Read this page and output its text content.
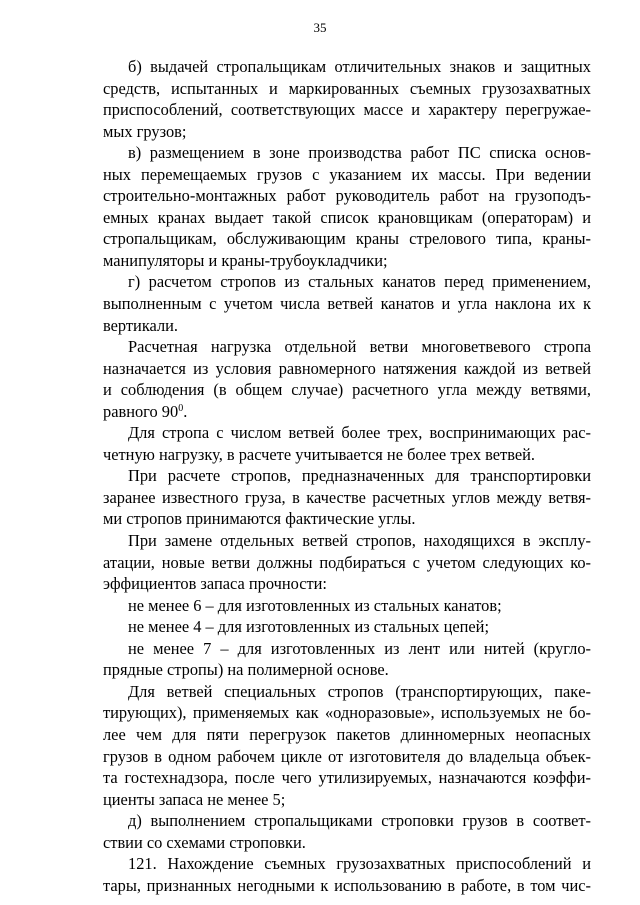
35
б) выдачей стропальщикам отличительных знаков и защитных
средств, испытанных и маркированных съемных грузозахватных
приспособлений, соответствующих массе и характеру перегружае-
мых грузов;
в) размещением в зоне производства работ ПС списка основ-
ных перемещаемых грузов с указанием их массы. При ведении
строительно-монтажных работ руководитель работ на грузоподъ-
емных кранах выдает такой список крановщикам (операторам) и
стропальщикам, обслуживающим краны стрелового типа, краны-
манипуляторы и краны-трубоукладчики;
г) расчетом стропов из стальных канатов перед применением,
выполненным с учетом числа ветвей канатов и угла наклона их к
вертикали.
Расчетная нагрузка отдельной ветви многоветвевого стропа
назначается из условия равномерного натяжения каждой из ветвей
и соблюдения (в общем случае) расчетного угла между ветвями,
равного $90^0$.
Для стропа с числом ветвей более трех, воспринимающих рас-
четную нагрузку, в расчете учитывается не более трех ветвей.
При расчете стропов, предназначенных для транспортировки
заранее известного груза, в качестве расчетных углов между ветвя-
ми стропов принимаются фактические углы.
При замене отдельных ветвей стропов, находящихся в эксплу-
атации, новые ветви должны подбираться с учетом следующих ко-
эффициентов запаса прочности:
не менее 6 – для изготовленных из стальных канатов;
не менее 4 – для изготовленных из стальных цепей;
не менее 7 – для изготовленных из лент или нитей (кругло-
прядные стропы) на полимерной основе.
Для ветвей специальных стропов (транспортирующих, пакe-
тирующих), применяемых как «одноразовые», используемых не бо-
лее чем для пяти перегрузок пакетов длинномерных неопасных
грузов в одном рабочем цикле от изготовителя до владельца объек-
та гостехнадзора, после чего утилизируемых, назначаются коэффи-
циенты запаса не менее 5;
д) выполнением стропальщиками строповки грузов в соответ-
ствии со схемами строповки.
121. Нахождение съемных грузозахватных приспособлений и
тары, признанных негодными к использованию в работе, в том чис-
